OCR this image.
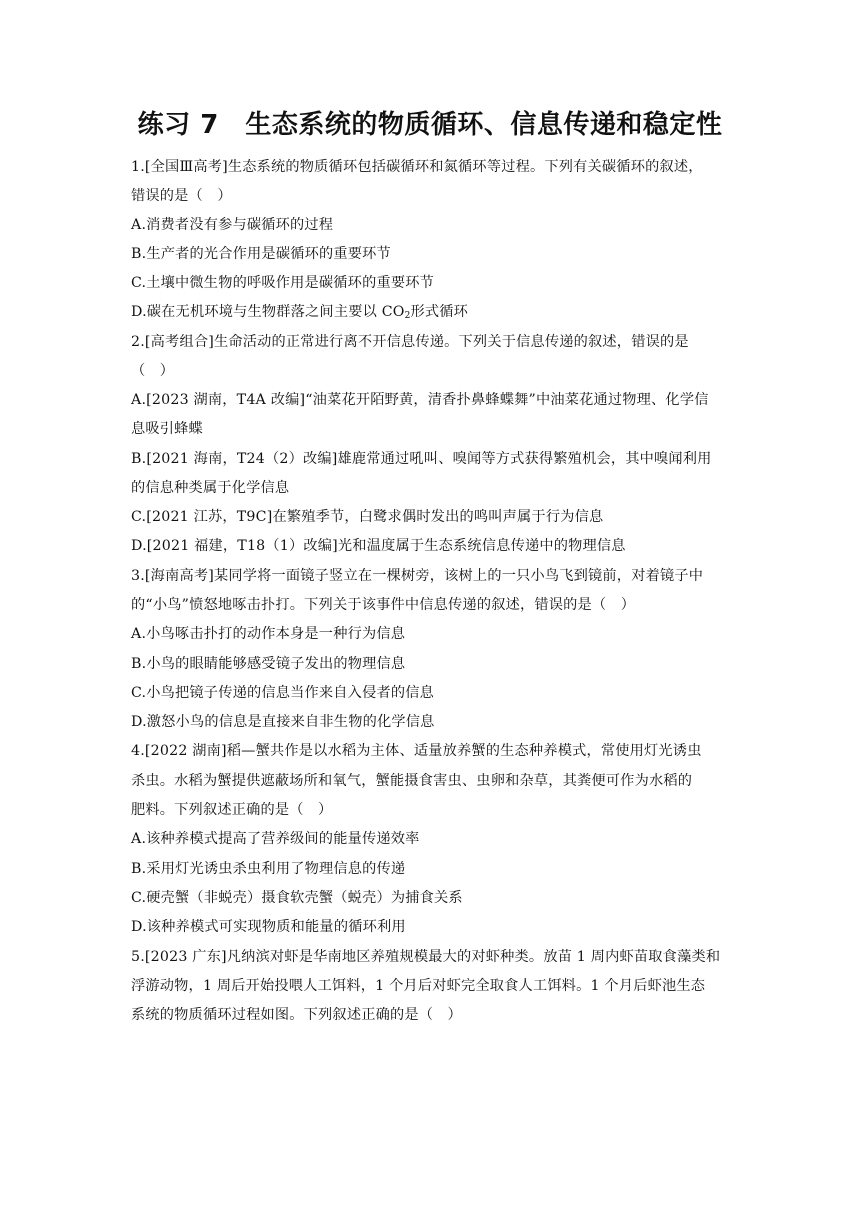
练习 7　生态系统的物质循环、信息传递和稳定性
1.[全国Ⅲ高考]生态系统的物质循环包括碳循环和氮循环等过程。下列有关碳循环的叙述，
错误的是（　）
A.消费者没有参与碳循环的过程
B.生产者的光合作用是碳循环的重要环节
C.土壤中微生物的呼吸作用是碳循环的重要环节
D.碳在无机环境与生物群落之间主要以 $CO_2$形式循环
2.[高考组合]生命活动的正常进行离不开信息传递。下列关于信息传递的叙述，错误的是
（　）
A.[2023 湖南，T4A 改编]“油菜花开陌野黄，清香扑鼻蜂蝶舞”中油菜花通过物理、化学信
息吸引蜂蝶
B.[2021 海南，T24（2）改编]雄鹿常通过吼叫、嗅闻等方式获得繁殖机会，其中嗅闻利用
的信息种类属于化学信息
C.[2021 江苏，T9C]在繁殖季节，白鹭求偶时发出的鸣叫声属于行为信息
D.[2021 福建，T18（1）改编]光和温度属于生态系统信息传递中的物理信息
3.[海南高考]某同学将一面镜子竖立在一棵树旁，该树上的一只小鸟飞到镜前，对着镜子中
的“小鸟”愤怒地啄击扑打。下列关于该事件中信息传递的叙述，错误的是（　）
A.小鸟啄击扑打的动作本身是一种行为信息
B.小鸟的眼睛能够感受镜子发出的物理信息
C.小鸟把镜子传递的信息当作来自入侵者的信息
D.激怒小鸟的信息是直接来自非生物的化学信息
4.[2022 湖南]稻—蟹共作是以水稻为主体、适量放养蟹的生态种养模式，常使用灯光诱虫
杀虫。水稻为蟹提供遮蔽场所和氧气，蟹能摄食害虫、虫卵和杂草，其粪便可作为水稻的
肥料。下列叙述正确的是（　）
A.该种养模式提高了营养级间的能量传递效率
B.采用灯光诱虫杀虫利用了物理信息的传递
C.硬壳蟹（非蜕壳）摄食软壳蟹（蜕壳）为捕食关系
D.该种养模式可实现物质和能量的循环利用
5.[2023 广东]凡纳滨对虾是华南地区养殖规模最大的对虾种类。放苗 1 周内虾苗取食藻类和
浮游动物，1 周后开始投喂人工饵料，1 个月后对虾完全取食人工饵料。1 个月后虾池生态
系统的物质循环过程如图。下列叙述正确的是（　）
